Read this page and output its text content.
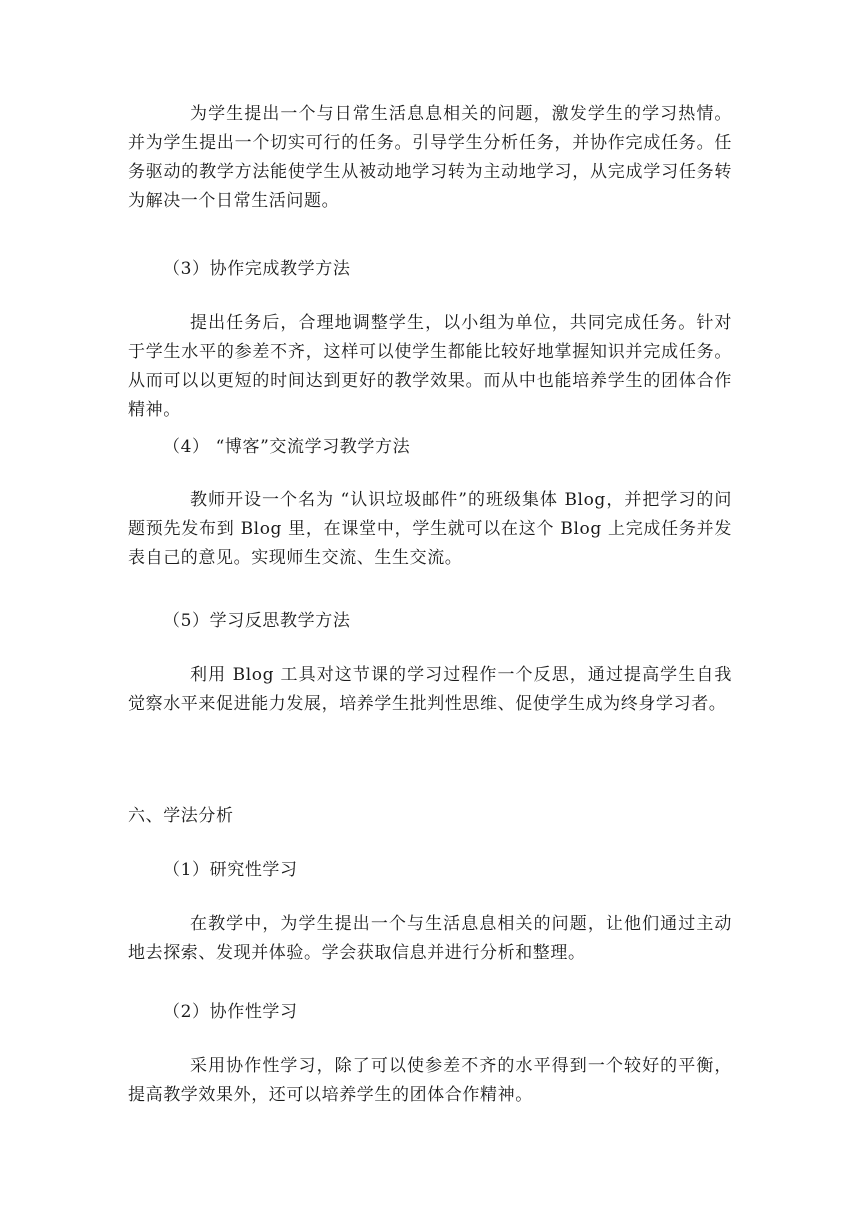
为学生提出一个与日常生活息息相关的问题，激发学生的学习热情。并为学生提出一个切实可行的任务。引导学生分析任务，并协作完成任务。任务驱动的教学方法能使学生从被动地学习转为主动地学习，从完成学习任务转为解决一个日常生活问题。

（3）协作完成教学方法

提出任务后，合理地调整学生，以小组为单位，共同完成任务。针对于学生水平的参差不齐，这样可以使学生都能比较好地掌握知识并完成任务。从而可以以更短的时间达到更好的教学效果。而从中也能培养学生的团体合作精神。

（4） “博客”交流学习教学方法

教师开设一个名为 “认识垃圾邮件”的班级集体 Blog，并把学习的问题预先发布到 Blog 里，在课堂中，学生就可以在这个 Blog 上完成任务并发表自己的意见。实现师生交流、生生交流。

（5）学习反思教学方法

利用 Blog 工具对这节课的学习过程作一个反思，通过提高学生自我觉察水平来促进能力发展，培养学生批判性思维、促使学生成为终身学习者。

六、学法分析

（1）研究性学习

在教学中，为学生提出一个与生活息息相关的问题，让他们通过主动地去探索、发现并体验。学会获取信息并进行分析和整理。

（2）协作性学习

采用协作性学习，除了可以使参差不齐的水平得到一个较好的平衡，提高教学效果外，还可以培养学生的团体合作精神。
